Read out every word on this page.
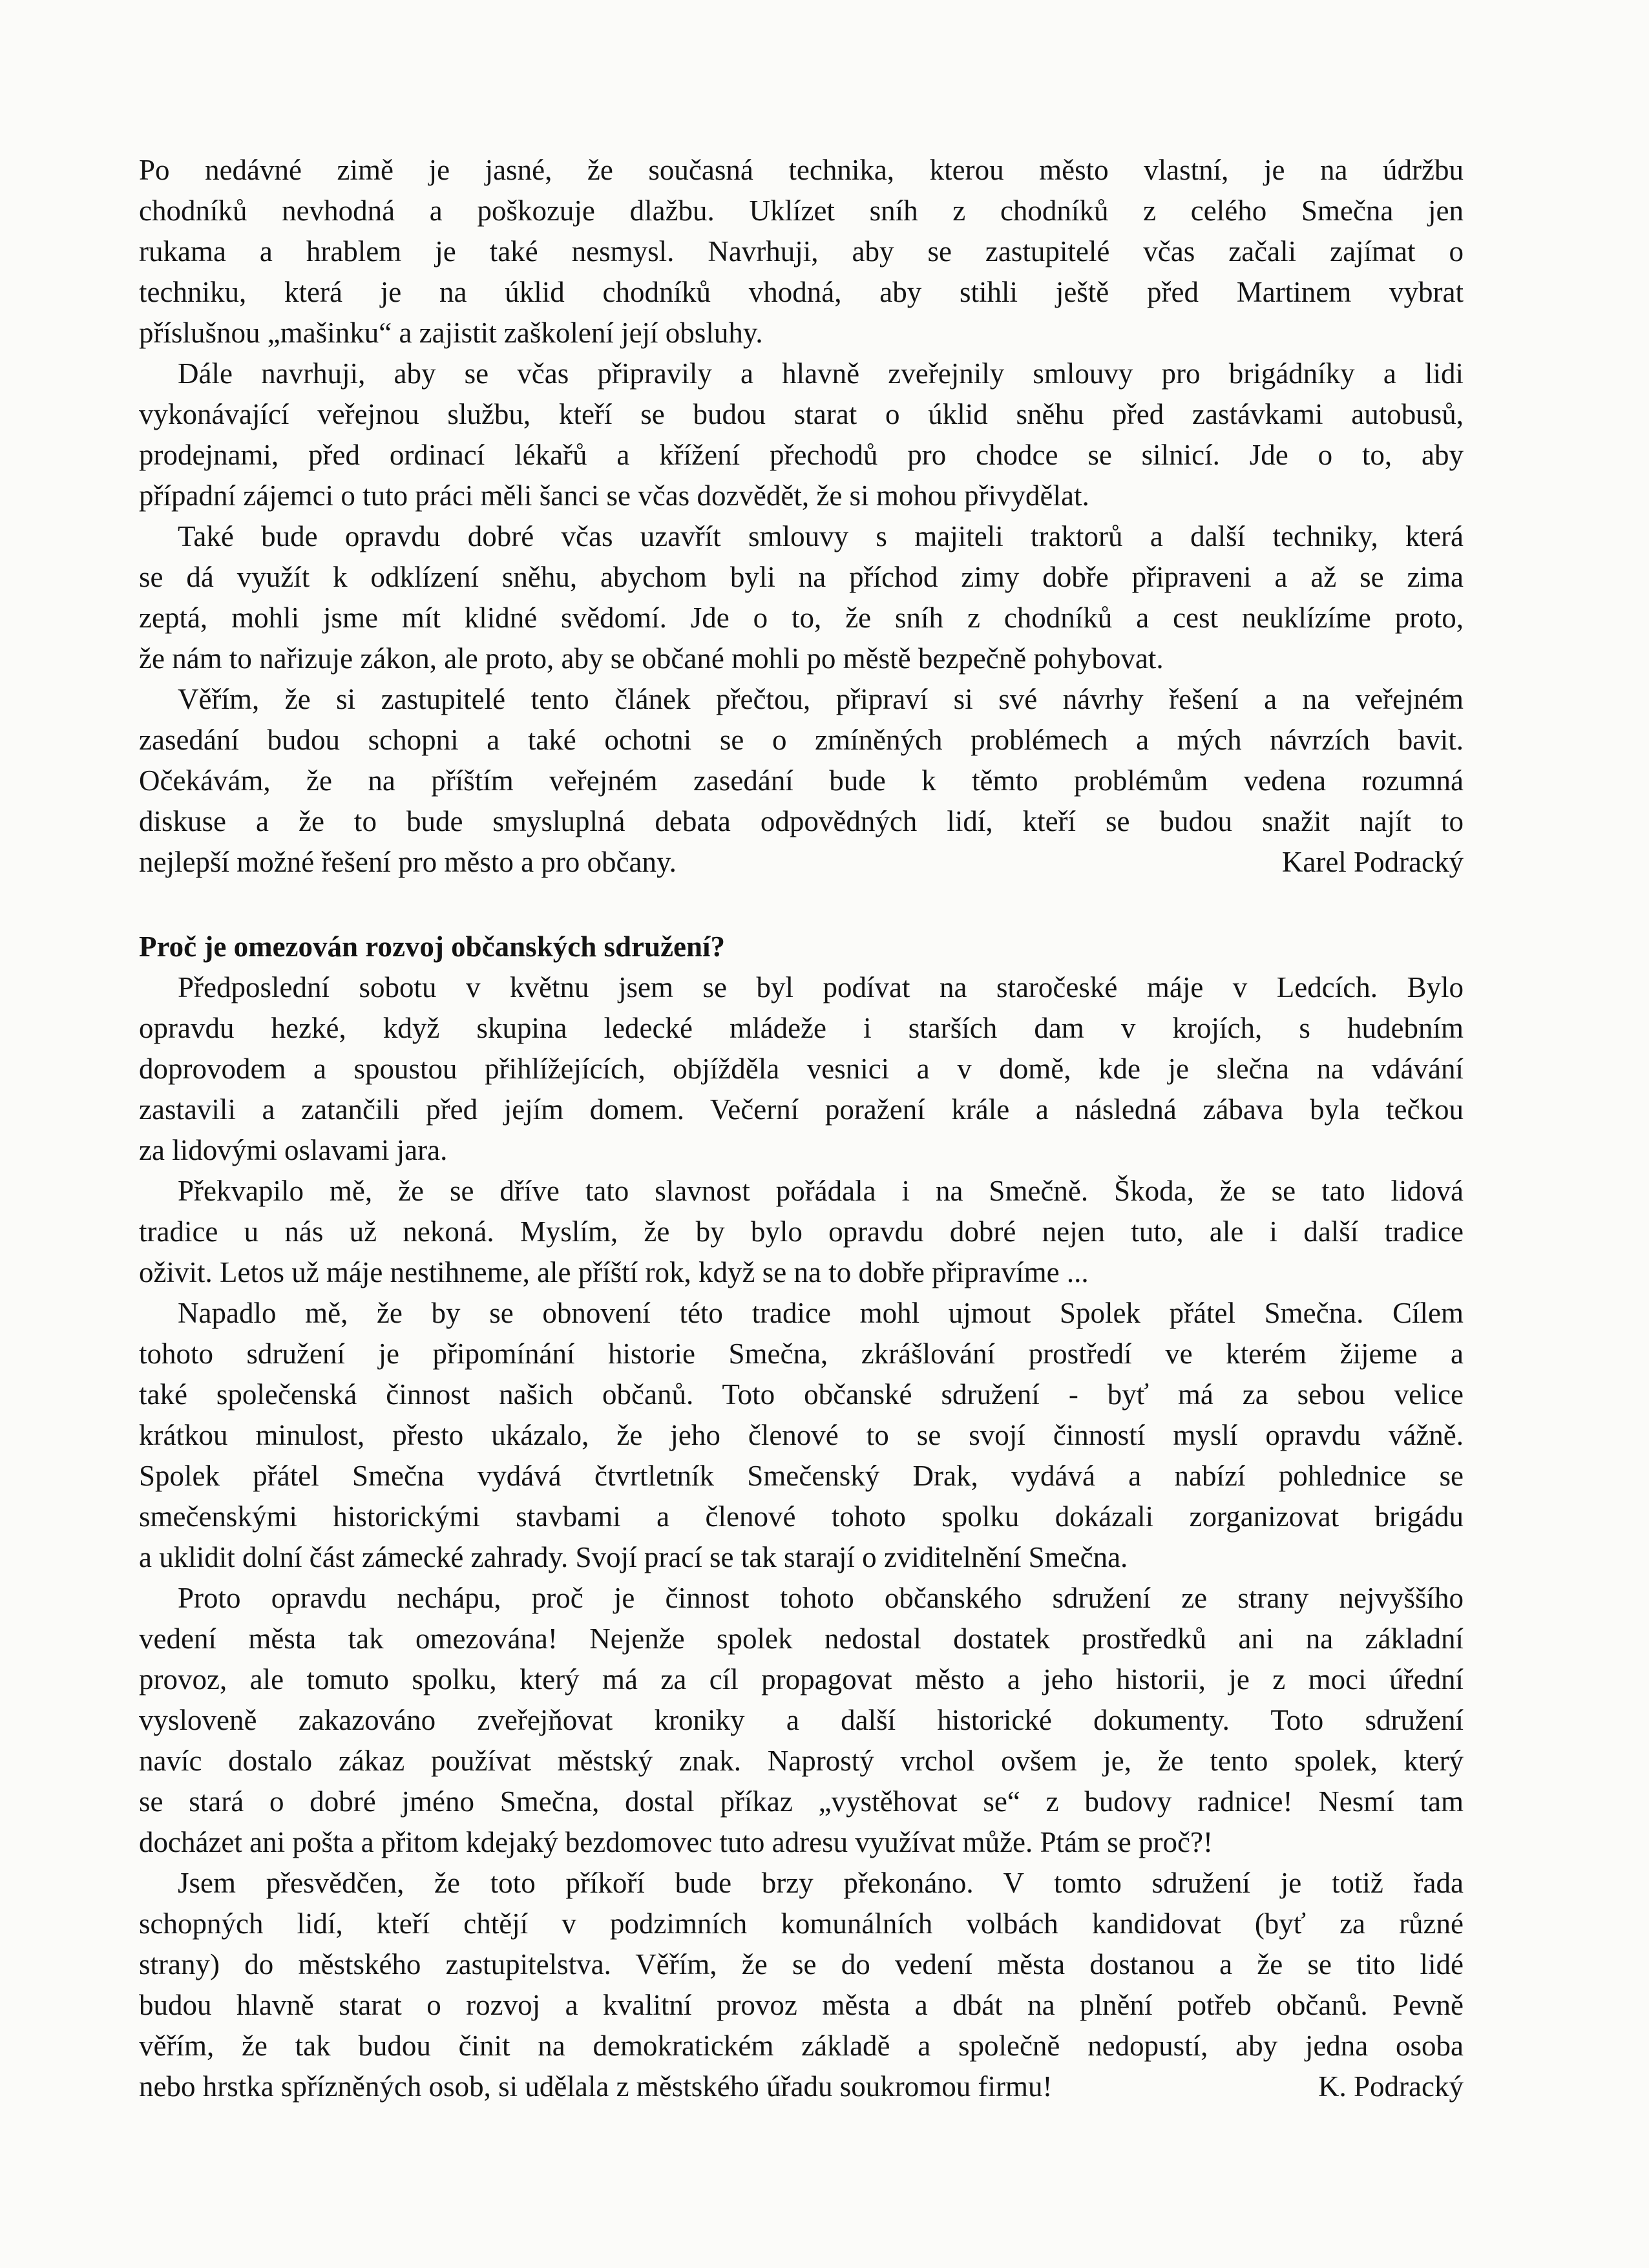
Po nedávné zimě je jasné, že současná technika, kterou město vlastní, je na údržbu
chodníků nevhodná a poškozuje dlažbu. Uklízet sníh z chodníků z celého Smečna jen
rukama a hrablem je také nesmysl. Navrhuji, aby se zastupitelé včas začali zajímat o
techniku, která je na úklid chodníků vhodná, aby stihli ještě před Martinem vybrat
příslušnou „mašinku“ a zajistit zaškolení její obsluhy.
Dále navrhuji, aby se včas připravily a hlavně zveřejnily smlouvy pro brigádníky a lidi
vykonávající veřejnou službu, kteří se budou starat o úklid sněhu před zastávkami autobusů,
prodejnami, před ordinací lékařů a křížení přechodů pro chodce se silnicí. Jde o to, aby
případní zájemci o tuto práci měli šanci se včas dozvědět, že si mohou přivydělat.
Také bude opravdu dobré včas uzavřít smlouvy s majiteli traktorů a další techniky, která
se dá využít k odklízení sněhu, abychom byli na příchod zimy dobře připraveni a až se zima
zeptá, mohli jsme mít klidné svědomí. Jde o to, že sníh z chodníků a cest neuklízíme proto,
že nám to nařizuje zákon, ale proto, aby se občané mohli po městě bezpečně pohybovat.
Věřím, že si zastupitelé tento článek přečtou, připraví si své návrhy řešení a na veřejném
zasedání budou schopni a také ochotni se o zmíněných problémech a mých návrzích bavit.
Očekávám, že na příštím veřejném zasedání bude k těmto problémům vedena rozumná
diskuse a že to bude smysluplná debata odpovědných lidí, kteří se budou snažit najít to
nejlepší možné řešení pro město a pro občany.	Karel Podracký
Proč je omezován rozvoj občanských sdružení?
Předposlední sobotu v květnu jsem se byl podívat na staročeské máje v Ledcích. Bylo
opravdu hezké, když skupina ledecké mládeže i starších dam v krojích, s hudebním
doprovodem a spoustou přihlížejících, objížděla vesnici a v domě, kde je slečna na vdávání
zastavili a zatančili před jejím domem. Večerní poražení krále a následná zábava byla tečkou
za lidovými oslavami jara.
Překvapilo mě, že se dříve tato slavnost pořádala i na Smečně. Škoda, že se tato lidová
tradice u nás už nekoná. Myslím, že by bylo opravdu dobré nejen tuto, ale i další tradice
oživit. Letos už máje nestihneme, ale příští rok, když se na to dobře připravíme ...
Napadlo mě, že by se obnovení této tradice mohl ujmout Spolek přátel Smečna. Cílem
tohoto sdružení je připomínání historie Smečna, zkrášlování prostředí ve kterém žijeme a
také společenská činnost našich občanů. Toto občanské sdružení - byť má za sebou velice
krátkou minulost, přesto ukázalo, že jeho členové to se svojí činností myslí opravdu vážně.
Spolek přátel Smečna vydává čtvrtletník Smečenský Drak, vydává a nabízí pohlednice se
smečenskými historickými stavbami a členové tohoto spolku dokázali zorganizovat brigádu
a uklidit dolní část zámecké zahrady. Svojí prací se tak starají o zviditelnění Smečna.
Proto opravdu nechápu, proč je činnost tohoto občanského sdružení ze strany nejvyššího
vedení města tak omezována! Nejenže spolek nedostal dostatek prostředků ani na základní
provoz, ale tomuto spolku, který má za cíl propagovat město a jeho historii, je z moci úřední
vysloveně zakazováno zveřejňovat kroniky a další historické dokumenty. Toto sdružení
navíc dostalo zákaz používat městský znak. Naprostý vrchol ovšem je, že tento spolek, který
se stará o dobré jméno Smečna, dostal příkaz „vystěhovat se“ z budovy radnice! Nesmí tam
docházet ani pošta a přitom kdejaký bezdomovec tuto adresu využívat může. Ptám se proč?!
Jsem přesvědčen, že toto příkoří bude brzy překonáno. V tomto sdružení je totiž řada
schopných lidí, kteří chtějí v podzimních komunálních volbách kandidovat (byť za různé
strany) do městského zastupitelstva. Věřím, že se do vedení města dostanou a že se tito lidé
budou hlavně starat o rozvoj a kvalitní provoz města a dbát na plnění potřeb občanů. Pevně
věřím, že tak budou činit na demokratickém základě a společně nedopustí, aby jedna osoba
nebo hrstka spřízněných osob, si udělala z městského úřadu soukromou firmu!	K. Podracký
